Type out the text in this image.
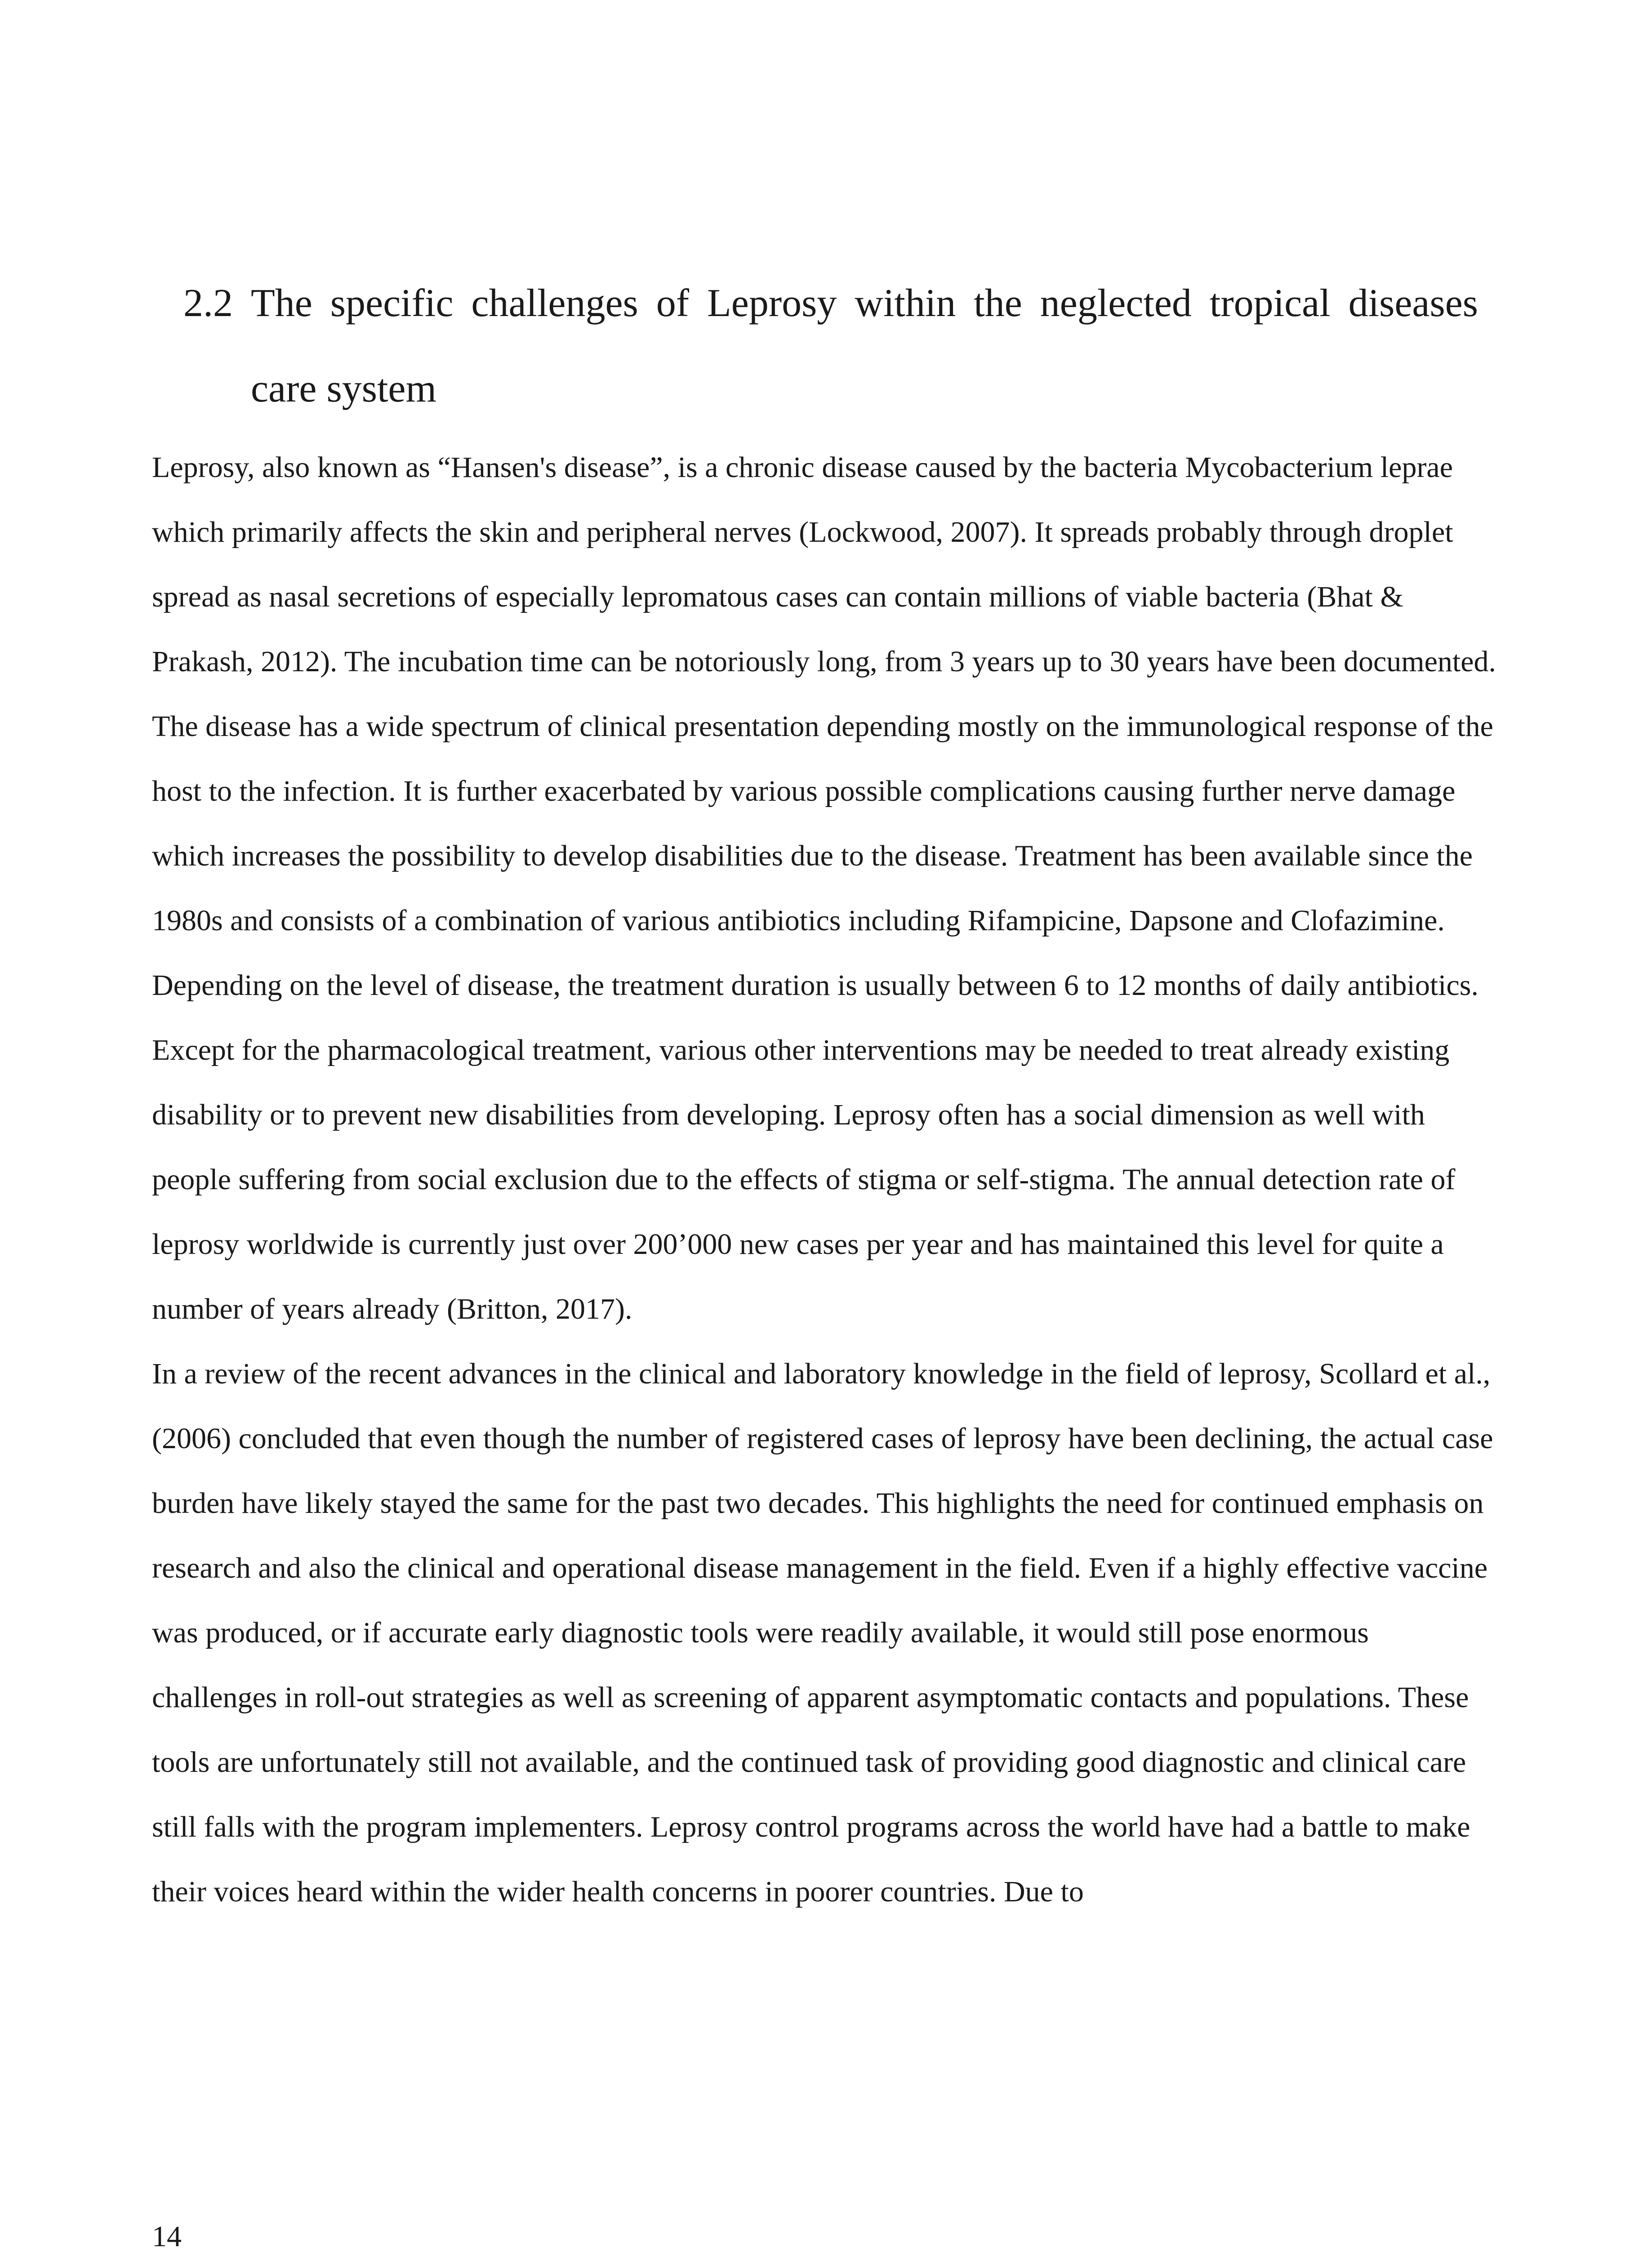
2.2 The specific challenges of Leprosy within the neglected tropical diseases care system

Leprosy, also known as “Hansen's disease”, is a chronic disease caused by the bacteria Mycobacterium leprae which primarily affects the skin and peripheral nerves (Lockwood, 2007). It spreads probably through droplet spread as nasal secretions of especially lepromatous cases can contain millions of viable bacteria (Bhat & Prakash, 2012). The incubation time can be notoriously long, from 3 years up to 30 years have been documented. The disease has a wide spectrum of clinical presentation depending mostly on the immunological response of the host to the infection. It is further exacerbated by various possible complications causing further nerve damage which increases the possibility to develop disabilities due to the disease. Treatment has been available since the 1980s and consists of a combination of various antibiotics including Rifampicine, Dapsone and Clofazimine. Depending on the level of disease, the treatment duration is usually between 6 to 12 months of daily antibiotics. Except for the pharmacological treatment, various other interventions may be needed to treat already existing disability or to prevent new disabilities from developing. Leprosy often has a social dimension as well with people suffering from social exclusion due to the effects of stigma or self-stigma. The annual detection rate of leprosy worldwide is currently just over 200’000 new cases per year and has maintained this level for quite a number of years already (Britton, 2017).

In a review of the recent advances in the clinical and laboratory knowledge in the field of leprosy, Scollard et al., (2006) concluded that even though the number of registered cases of leprosy have been declining, the actual case burden have likely stayed the same for the past two decades. This highlights the need for continued emphasis on research and also the clinical and operational disease management in the field. Even if a highly effective vaccine was produced, or if accurate early diagnostic tools were readily available, it would still pose enormous challenges in roll-out strategies as well as screening of apparent asymptomatic contacts and populations. These tools are unfortunately still not available, and the continued task of providing good diagnostic and clinical care still falls with the program implementers. Leprosy control programs across the world have had a battle to make their voices heard within the wider health concerns in poorer countries. Due to

14
